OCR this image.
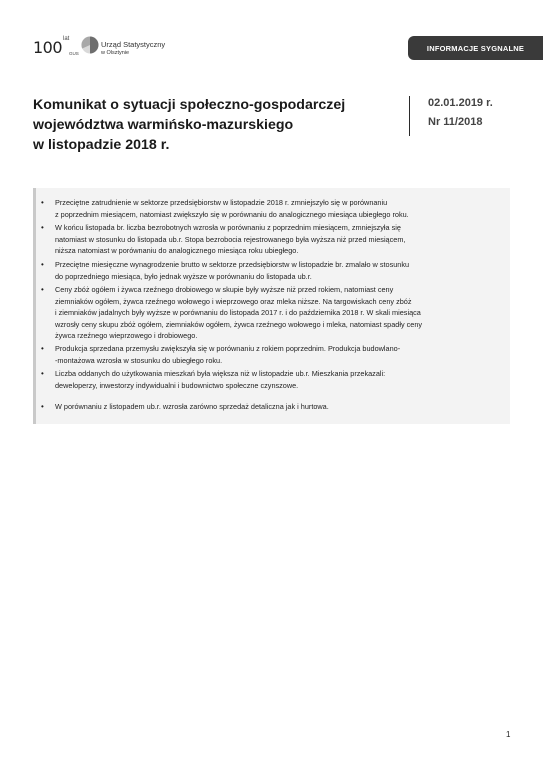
100 lat
GUS
Urząd Statystyczny
w Olsztynie
INFORMACJE SYGNALNE
Komunikat o sytuacji społeczno-gospodarczej
województwa warmińsko-mazurskiego
w listopadzie 2018 r.
02.01.2019 r.
Nr 11/2018
• Przeciętne zatrudnienie w sektorze przedsiębiorstw w listopadzie 2018 r. zmniejszyło się w porównaniu
z poprzednim miesiącem, natomiast zwiększyło się w porównaniu do analogicznego miesiąca ubiegłego roku.
• W końcu listopada br. liczba bezrobotnych wzrosła w porównaniu z poprzednim miesiącem, zmniejszyła się
natomiast w stosunku do listopada ub.r. Stopa bezrobocia rejestrowanego była wyższa niż przed miesiącem,
niższa natomiast w porównaniu do analogicznego miesiąca roku ubiegłego.
• Przeciętne miesięczne wynagrodzenie brutto w sektorze przedsiębiorstw w listopadzie br. zmalało w stosunku
do poprzedniego miesiąca, było jednak wyższe w porównaniu do listopada ub.r.
• Ceny zbóż ogółem i żywca rzeźnego drobiowego w skupie były wyższe niż przed rokiem, natomiast ceny
ziemniaków ogółem, żywca rzeźnego wołowego i wieprzowego oraz mleka niższe. Na targowiskach ceny zbóż
i ziemniaków jadalnych były wyższe w porównaniu do listopada 2017 r. i do października 2018 r. W skali miesiąca
wzrosły ceny skupu zbóż ogółem, ziemniaków ogółem, żywca rzeźnego wołowego i mleka, natomiast spadły ceny
żywca rzeźnego wieprzowego i drobiowego.
• Produkcja sprzedana przemysłu zwiększyła się w porównaniu z rokiem poprzednim. Produkcja budowlano-
-montażowa wzrosła w stosunku do ubiegłego roku.
• Liczba oddanych do użytkowania mieszkań była większa niż w listopadzie ub.r. Mieszkania przekazali:
deweloperzy, inwestorzy indywidualni i budownictwo społeczne czynszowe.
• W porównaniu z listopadem ub.r. wzrosła zarówno sprzedaż detaliczna jak i hurtowa.
1
